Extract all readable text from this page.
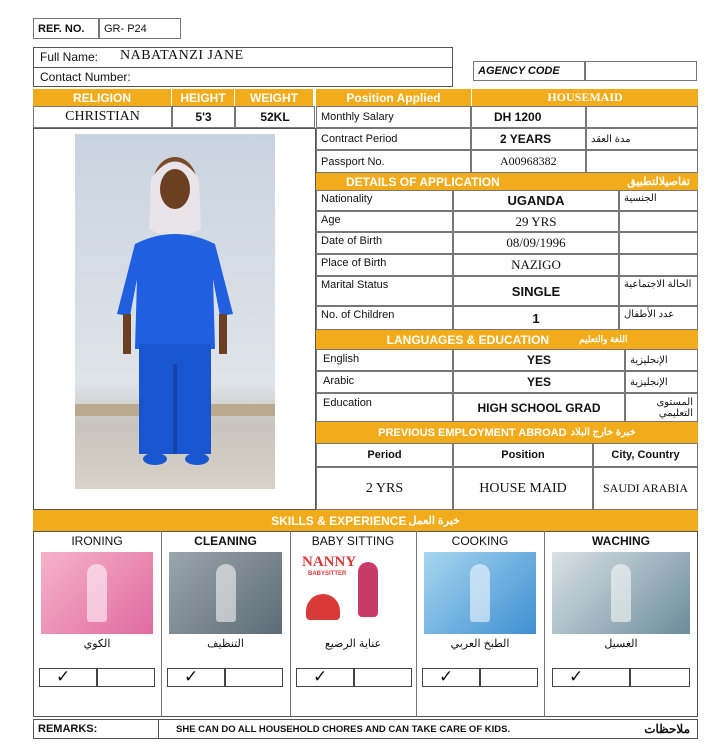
REF. NO.	GR- P24
Full Name: NABATANZI JANE
Contact Number:	AGENCY CODE
RELIGION	HEIGHT	WEIGHT	Position Applied	HOUSEMAID
CHRISTIAN	5'3	52KL	Monthly Salary	DH 1200
Contract Period	2 YEARS	مدة العقد
Passport No.	A00968382
DETAILS OF APPLICATION	تفاصيلالتطبيق
Nationality	UGANDA	الجنسية
Age	29 YRS
Date of Birth	08/09/1996
Place of Birth	NAZIGO
Marital Status	SINGLE	الحالة الاجتماعية
No. of Children	1	عدد الأطفال
LANGUAGES & EDUCATION	اللغة والتعليم
English	YES	الإنجليزية
Arabic	YES	الإنجليزية
Education	HIGH SCHOOL GRAD	المستوى التعليمي
PREVIOUS EMPLOYMENT ABROAD خبرة خارج البلاد
Period	Position	City, Country
2 YRS	HOUSE MAID	SAUDI ARABIA
SKILLS & EXPERIENCE خبرة العمل
IRONING
الكوي
✓
CLEANING
التنظيف
✓
BABY SITTING
NANNY
BABYSITTER
عناية الرضيع
✓
COOKING
الطبخ العربي
✓
WACHING
الغسيل
✓
REMARKS:	SHE CAN DO ALL HOUSEHOLD CHORES AND CAN TAKE CARE OF KIDS.	ملاحظات
